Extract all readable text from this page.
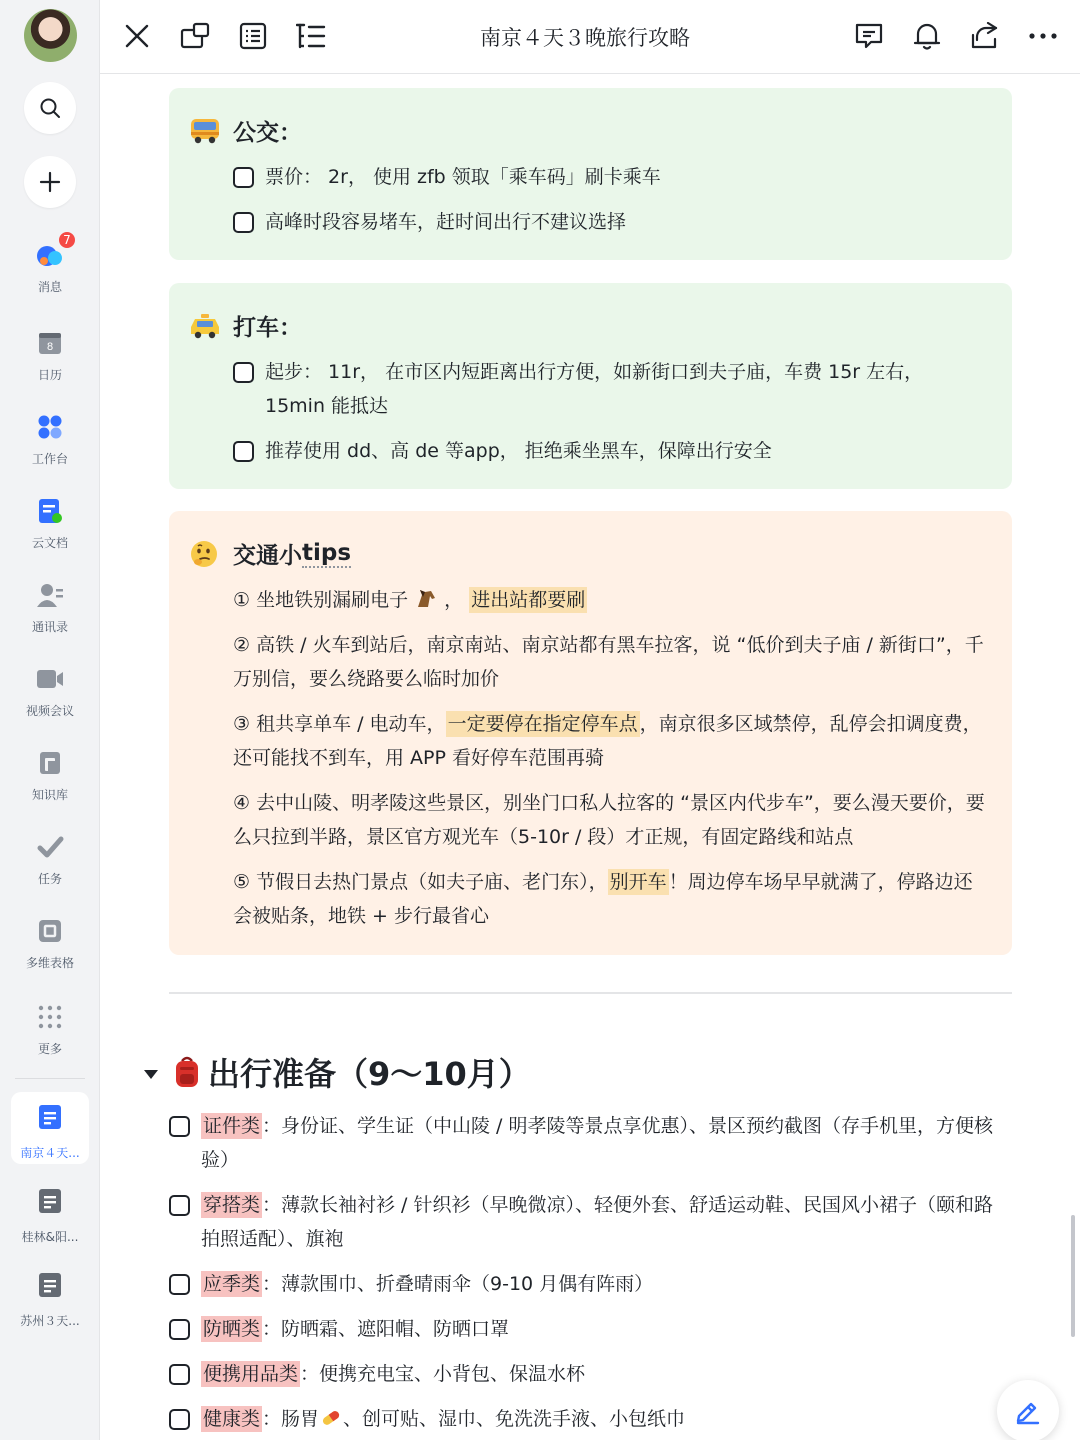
7
消息
8
日历
工作台
云文档
通讯录
视频会议
知识库
任务
多维表格
更多
南京４天...
桂林&阳...
苏州３天...
南京４天３晚旅行攻略
公交：
票价： 2r， 使用 zfb 领取「乘车码」刷卡乘车
高峰时段容易堵车，赶时间出行不建议选择
打车：
起步： 11r， 在市区内短距离出行方便，如新街口到夫子庙，车费 15r 左右，
15min 能抵达
推荐使用 dd、高 de 等app， 拒绝乘坐黑车，保障出行安全
交通小 tips
① 坐地铁别漏刷电子 ， 进出站都要刷
② 高铁 / 火车到站后，南京南站、南京站都有黑车拉客，说 “低价到夫子庙 / 新街口”，千万别信，要么绕路要么临时加价
③ 租共享单车 / 电动车， 一定要停在指定停车点 ，南京很多区域禁停，乱停会扣调度费，还可能找不到车，用 APP 看好停车范围再骑
④ 去中山陵、明孝陵这些景区，别坐门口私人拉客的 “景区内代步车”，要么漫天要价，要么只拉到半路，景区官方观光车（5-10r / 段）才正规，有固定路线和站点
⑤ 节假日去热门景点（如夫子庙、老门东）， 别开车 ！周边停车场早早就满了，停路边还会被贴条，地铁 + 步行最省心
出行准备（9～10月）
证件类 ：身份证、学生证（中山陵 / 明孝陵等景点享优惠）、景区预约截图（存手机里，方便核验）
穿搭类 ：薄款长袖衬衫 / 针织衫（早晚微凉）、轻便外套、舒适运动鞋、民国风小裙子（颐和路拍照适配）、旗袍
应季类 ：薄款围巾、折叠晴雨伞（9-10 月偶有阵雨）
防晒类 ：防晒霜、遮阳帽、防晒口罩
便携用品类 ：便携充电宝、小背包、保温水杯
健康类 ：肠胃 、创可贴、湿巾、免洗洗手液、小包纸巾
